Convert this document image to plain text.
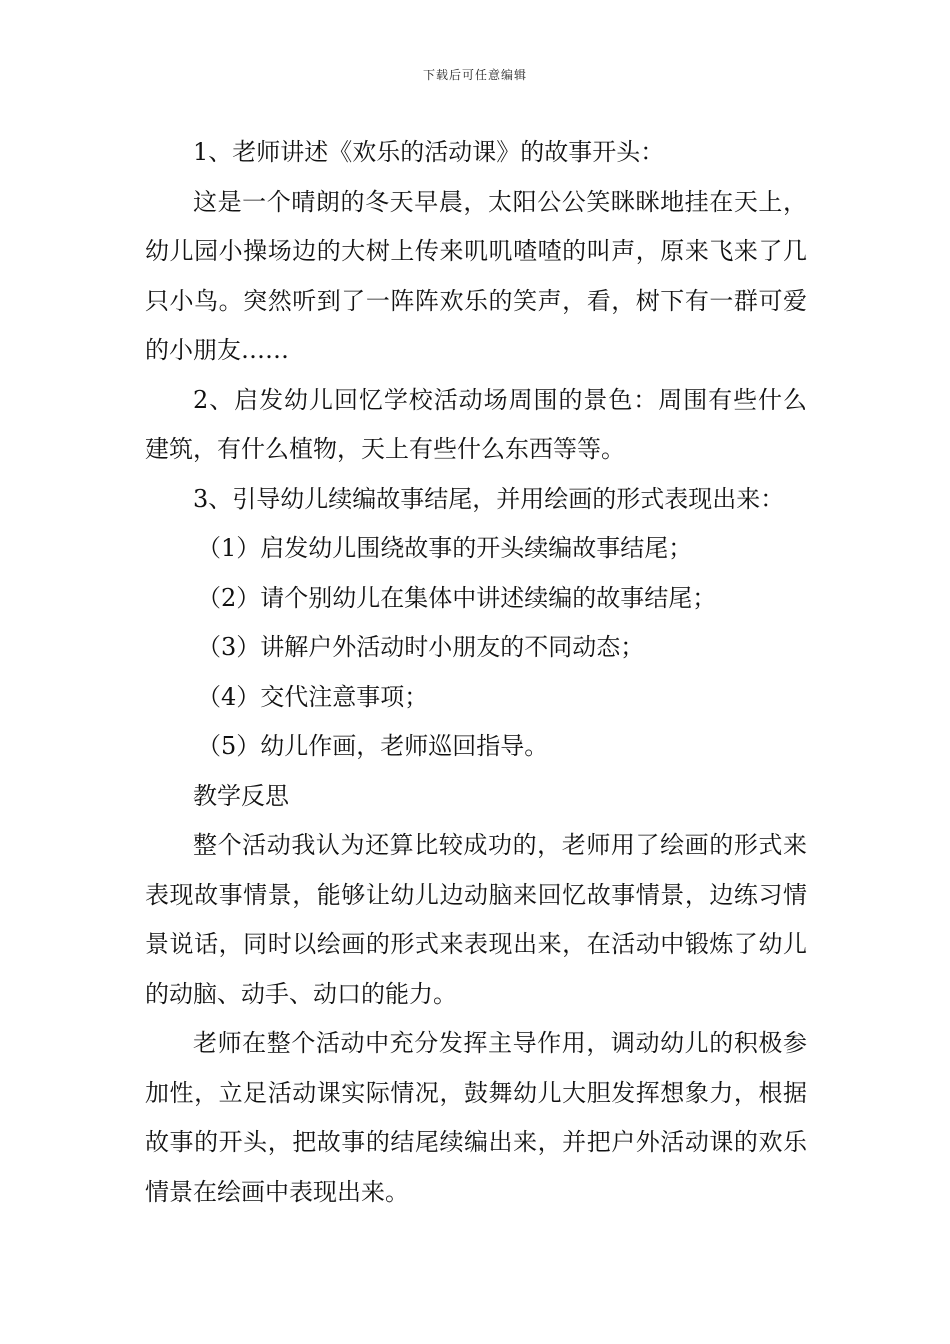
下载后可任意编辑

1、老师讲述《欢乐的活动课》的故事开头：

这是一个晴朗的冬天早晨，太阳公公笑眯眯地挂在天上，幼儿园小操场边的大树上传来叽叽喳喳的叫声，原来飞来了几只小鸟。突然听到了一阵阵欢乐的笑声，看，树下有一群可爱的小朋友……

2、启发幼儿回忆学校活动场周围的景色：周围有些什么建筑，有什么植物，天上有些什么东西等等。

3、引导幼儿续编故事结尾，并用绘画的形式表现出来：

（1）启发幼儿围绕故事的开头续编故事结尾；

（2）请个别幼儿在集体中讲述续编的故事结尾；

（3）讲解户外活动时小朋友的不同动态；

（4）交代注意事项；

（5）幼儿作画，老师巡回指导。

教学反思

整个活动我认为还算比较成功的，老师用了绘画的形式来表现故事情景，能够让幼儿边动脑来回忆故事情景，边练习情景说话，同时以绘画的形式来表现出来，在活动中锻炼了幼儿的动脑、动手、动口的能力。

老师在整个活动中充分发挥主导作用，调动幼儿的积极参加性，立足活动课实际情况，鼓舞幼儿大胆发挥想象力，根据故事的开头，把故事的结尾续编出来，并把户外活动课的欢乐情景在绘画中表现出来。
